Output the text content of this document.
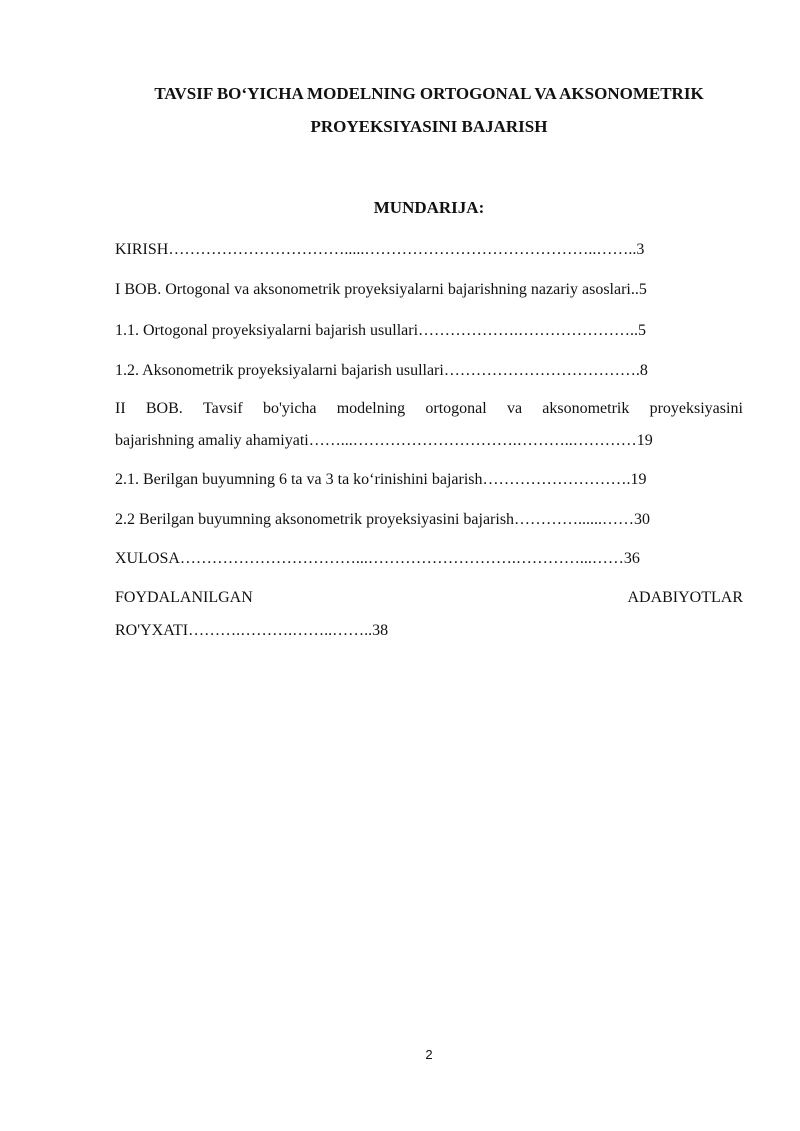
TAVSIF BO‘YICHA MODELNING ORTOGONAL VA AKSONOMETRIK
PROYEKSIYASINI BAJARISH
MUNDARIJA:
KIRISH…………………………….....……………………………………..……..3
I BOB. Ortogonal va aksonometrik proyeksiyalarni bajarishning nazariy asoslari..5
1.1. Ortogonal proyeksiyalarni bajarish usullari……………….…………………..5
1.2. Aksonometrik proyeksiyalarni bajarish usullari……………………………….8
II BOB. Tavsif bo'yicha modelning ortogonal va aksonometrik proyeksiyasini
bajarishning amaliy ahamiyati……...………………………….………..…………19
2.1. Berilgan buyumning 6 ta va 3 ta ko‘rinishini bajarish……………………….19
2.2 Berilgan buyumning aksonometrik proyeksiyasini bajarish…………......……30
XULOSA……………………………...……………………….…………...……36
FOYDALANILGAN	ADABIYOTLAR
RO'YXATI……….……….……..……..38
2
